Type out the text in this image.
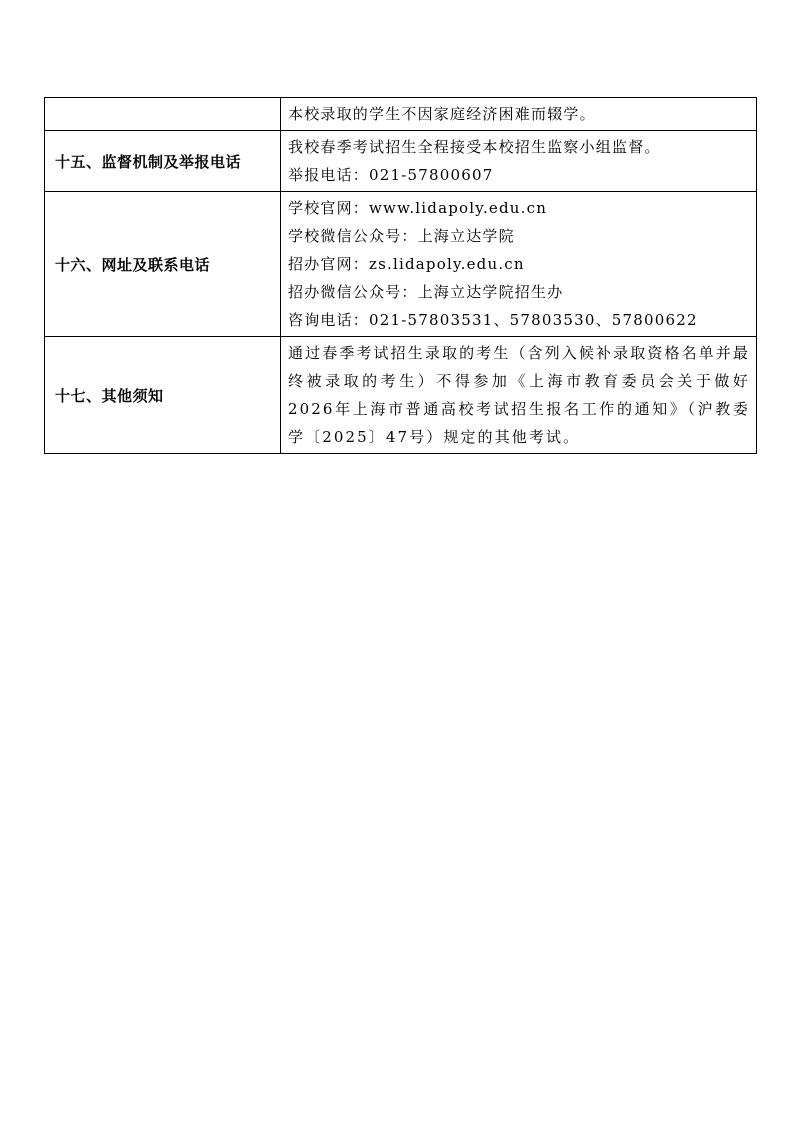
	本校录取的学生不因家庭经济困难而辍学。

十五、监督机制及举报电话	我校春季考试招生全程接受本校招生监察小组监督。
举报电话：021-57800607

十六、网址及联系电话	学校官网：www.lidapoly.edu.cn
学校微信公众号：上海立达学院
招办官网：zs.lidapoly.edu.cn
招办微信公众号：上海立达学院招生办
咨询电话：021-57803531、57803530、57800622

十七、其他须知	通过春季考试招生录取的考生（含列入候补录取资格名单并最终被录取的考生）不得参加《上海市教育委员会关于做好2026年上海市普通高校考试招生报名工作的通知》（沪教委学〔2025〕47号）规定的其他考试。
